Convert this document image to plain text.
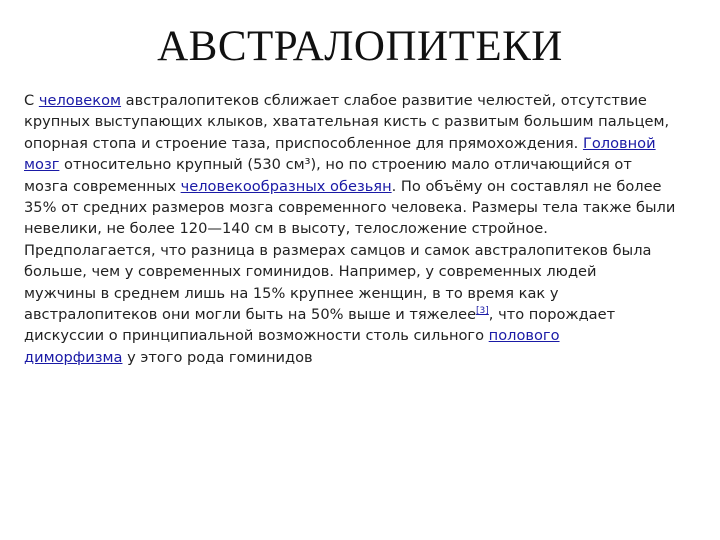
АВСТРАЛОПИТЕКИ
С человеком австралопитеков сближает слабое развитие челюстей, отсутствие
крупных выступающих клыков, хватательная кисть с развитым большим пальцем,
опорная стопа и строение таза, приспособленное для прямохождения. Головной
мозг относительно крупный (530 см³), но по строению мало отличающийся от
мозга современных человекообразных обезьян. По объёму он составлял не более
35% от средних размеров мозга современного человека. Размеры тела также были
невелики, не более 120—140 см в высоту, телосложение стройное.
Предполагается, что разница в размерах самцов и самок австралопитеков была
больше, чем у современных гоминидов. Например, у современных людей
мужчины в среднем лишь на 15% крупнее женщин, в то время как у
австралопитеков они могли быть на 50% выше и тяжелее[3], что порождает
дискуссии о принципиальной возможности столь сильного полового
диморфизма у этого рода гоминидов
